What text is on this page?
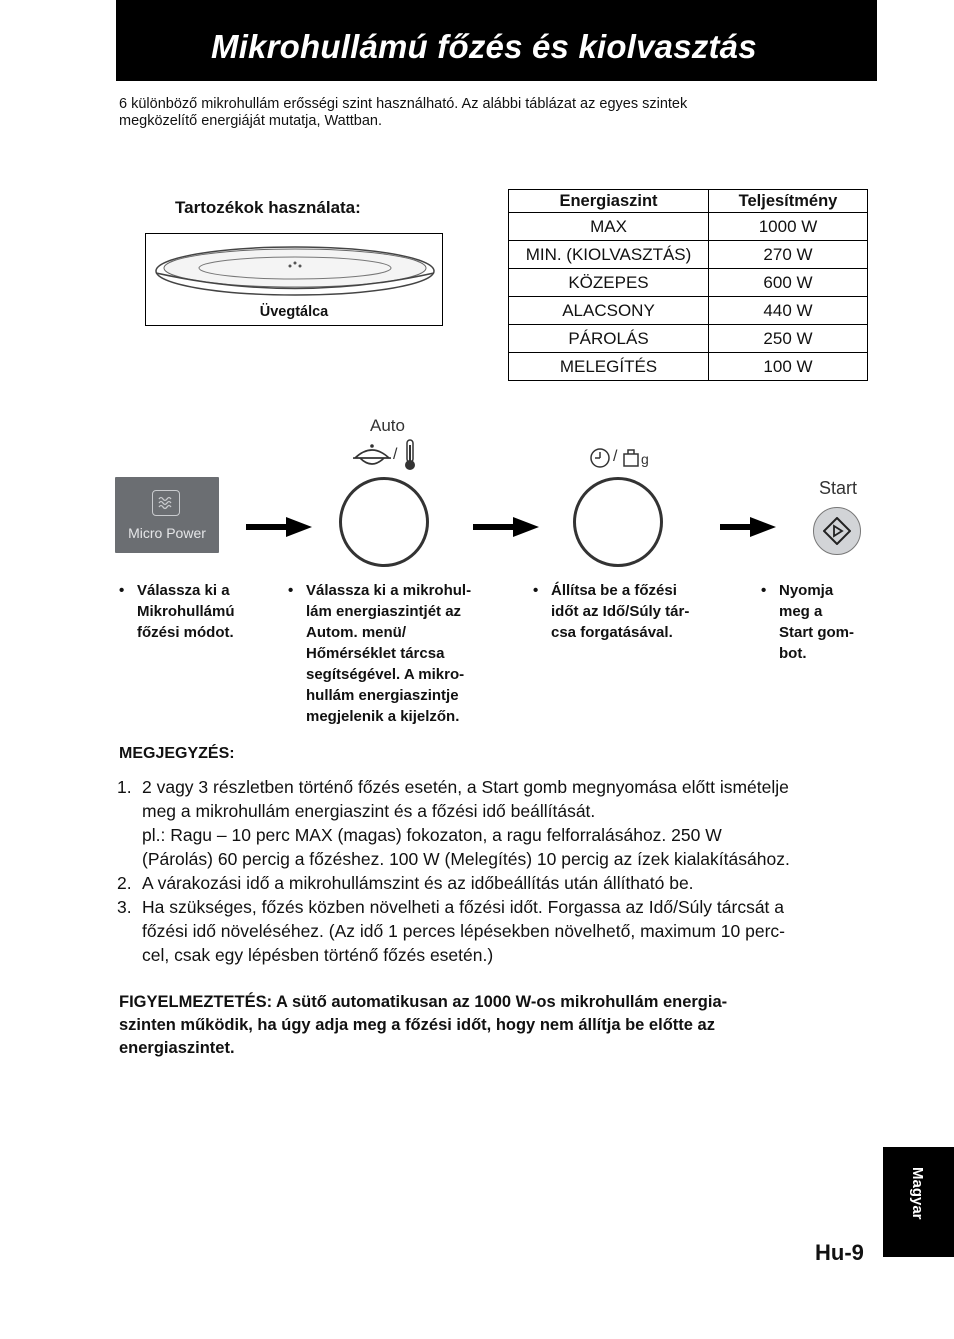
Mikrohullámú főzés és kiolvasztás
6 különböző mikrohullám erősségi szint használható. Az alábbi táblázat az egyes szintek
megközelítő energiáját mutatja, Wattban.
Tartozékok használata:
Üvegtálca
Energiaszint	Teljesítmény
MAX	1000 W
MIN. (KIOLVASZTÁS)	270 W
KÖZEPES	600 W
ALACSONY	440 W
PÁROLÁS	250 W
MELEGÍTÉS	100 W
Micro Power
Auto
/	/ g
Start
• Válassza ki a
Mikrohullámú
főzési módot.
• Válassza ki a mikrohul-
lám energiaszintjét az
Autom. menü/
Hőmérséklet tárcsa
segítségével. A mikro-
hullám energiaszintje
megjelenik a kijelzőn.
• Állítsa be a főzési
időt az Idő/Súly tár-
csa forgatásával.
• Nyomja
meg a
Start gom-
bot.
MEGJEGYZÉS:
1. 2 vagy 3 részletben történő főzés esetén, a Start gomb megnyomása előtt ismételje
meg a mikrohullám energiaszint és a főzési idő beállítását.
pl.: Ragu – 10 perc MAX (magas) fokozaton, a ragu felforralásához. 250 W
(Párolás) 60 percig a főzéshez. 100 W (Melegítés) 10 percig az ízek kialakításához.
2. A várakozási idő a mikrohullámszint és az időbeállítás után állítható be.
3. Ha szükséges, főzés közben növelheti a főzési időt. Forgassa az Idő/Súly tárcsát a
főzési idő növeléséhez. (Az idő 1 perces lépésekben növelhető, maximum 10 perc-
cel, csak egy lépésben történő főzés esetén.)
FIGYELMEZTETÉS: A sütő automatikusan az 1000 W-os mikrohullám energia-
szinten működik, ha úgy adja meg a főzési időt, hogy nem állítja be előtte az
energiaszintet.
Magyar
Hu-9
